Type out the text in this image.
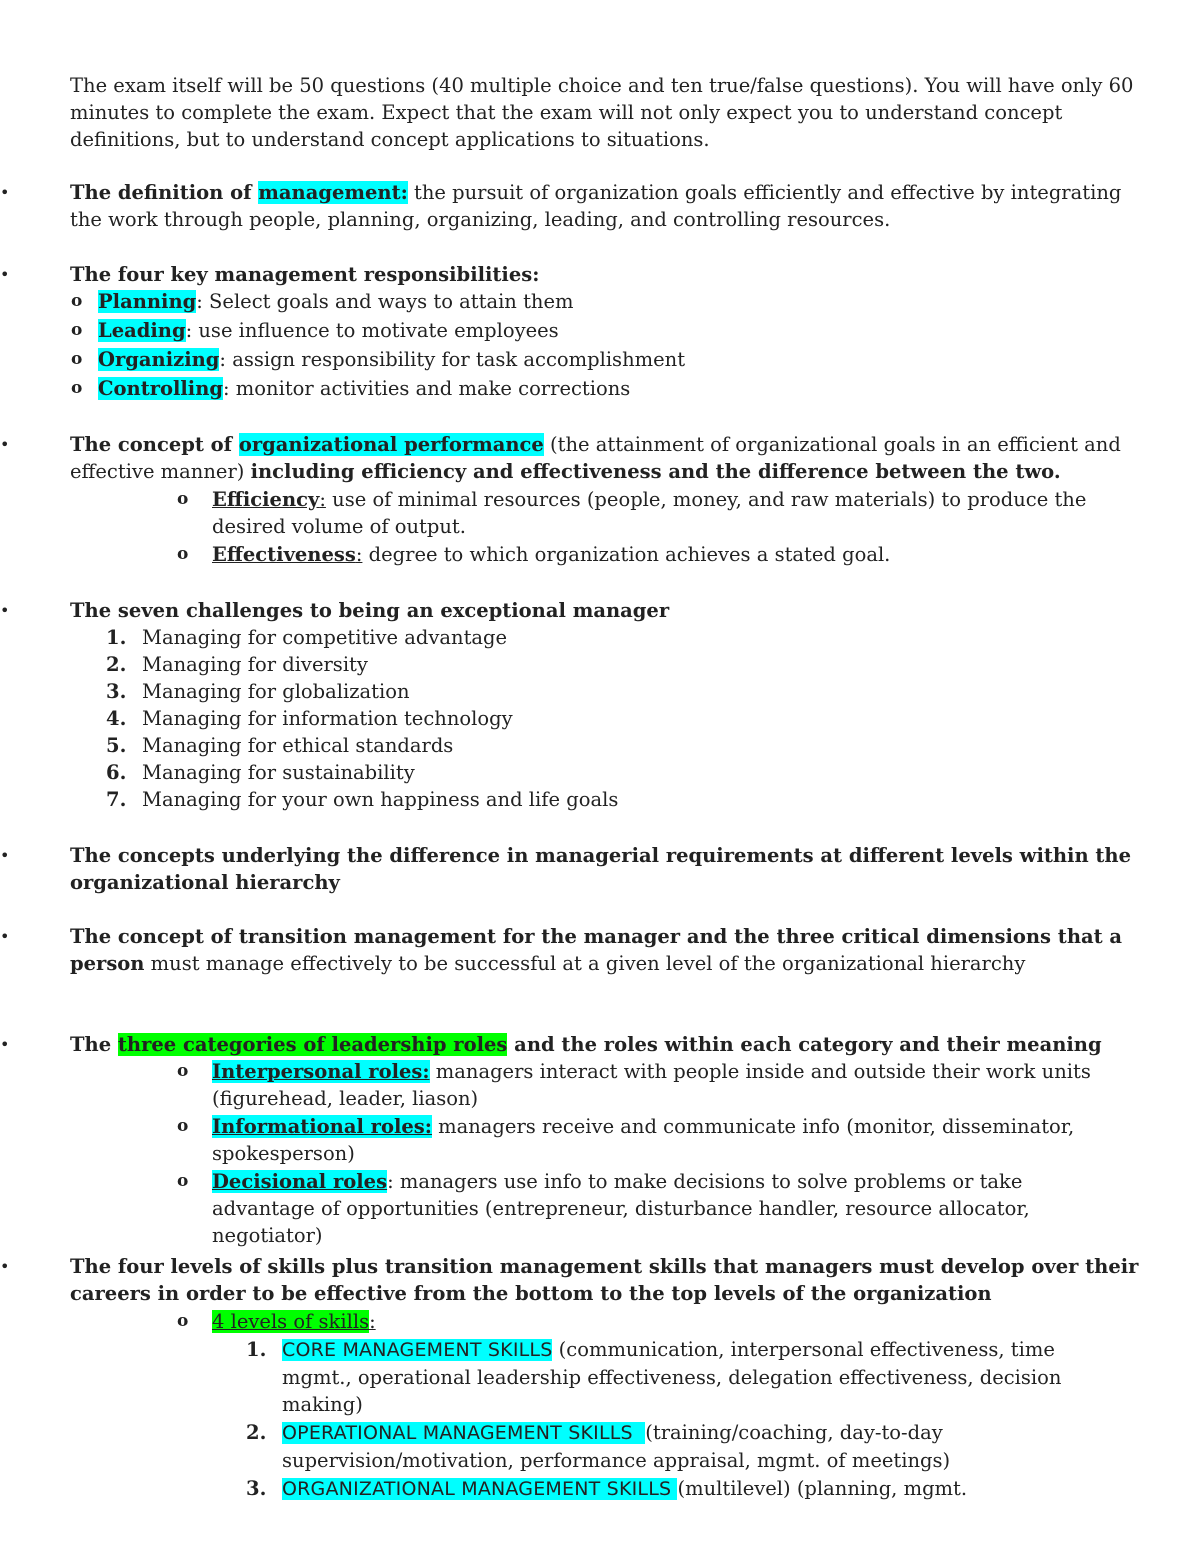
The exam itself will be 50 questions (40 multiple choice and ten true/false questions). You will have only 60 minutes to complete the exam. Expect that the exam will not only expect you to understand concept definitions, but to understand concept applications to situations.
•	The definition of management: the pursuit of organization goals efficiently and effective by integrating the work through people, planning, organizing, leading, and controlling resources.
•	The four key management responsibilities:
o Planning: Select goals and ways to attain them
o Leading: use influence to motivate employees
o Organizing: assign responsibility for task accomplishment
o Controlling: monitor activities and make corrections
•	The concept of organizational performance (the attainment of organizational goals in an efficient and effective manner) including efficiency and effectiveness and the difference between the two.
o Efficiency: use of minimal resources (people, money, and raw materials) to produce the desired volume of output.
o Effectiveness: degree to which organization achieves a stated goal.
•	The seven challenges to being an exceptional manager
1. Managing for competitive advantage
2. Managing for diversity
3. Managing for globalization
4. Managing for information technology
5. Managing for ethical standards
6. Managing for sustainability
7. Managing for your own happiness and life goals
•	The concepts underlying the difference in managerial requirements at different levels within the organizational hierarchy
•	The concept of transition management for the manager and the three critical dimensions that a person must manage effectively to be successful at a given level of the organizational hierarchy
•	The three categories of leadership roles and the roles within each category and their meaning
o Interpersonal roles: managers interact with people inside and outside their work units (figurehead, leader, liason)
o Informational roles: managers receive and communicate info (monitor, disseminator, spokesperson)
o Decisional roles: managers use info to make decisions to solve problems or take advantage of opportunities (entrepreneur, disturbance handler, resource allocator, negotiator)
•	The four levels of skills plus transition management skills that managers must develop over their careers in order to be effective from the bottom to the top levels of the organization
o 4 levels of skills:
1. CORE MANAGEMENT SKILLS (communication, interpersonal effectiveness, time mgmt., operational leadership effectiveness, delegation effectiveness, decision making)
2. OPERATIONAL MANAGEMENT SKILLS  (training/coaching, day-to-day supervision/motivation, performance appraisal, mgmt. of meetings)
3. ORGANIZATIONAL MANAGEMENT SKILLS (multilevel) (planning, mgmt.
